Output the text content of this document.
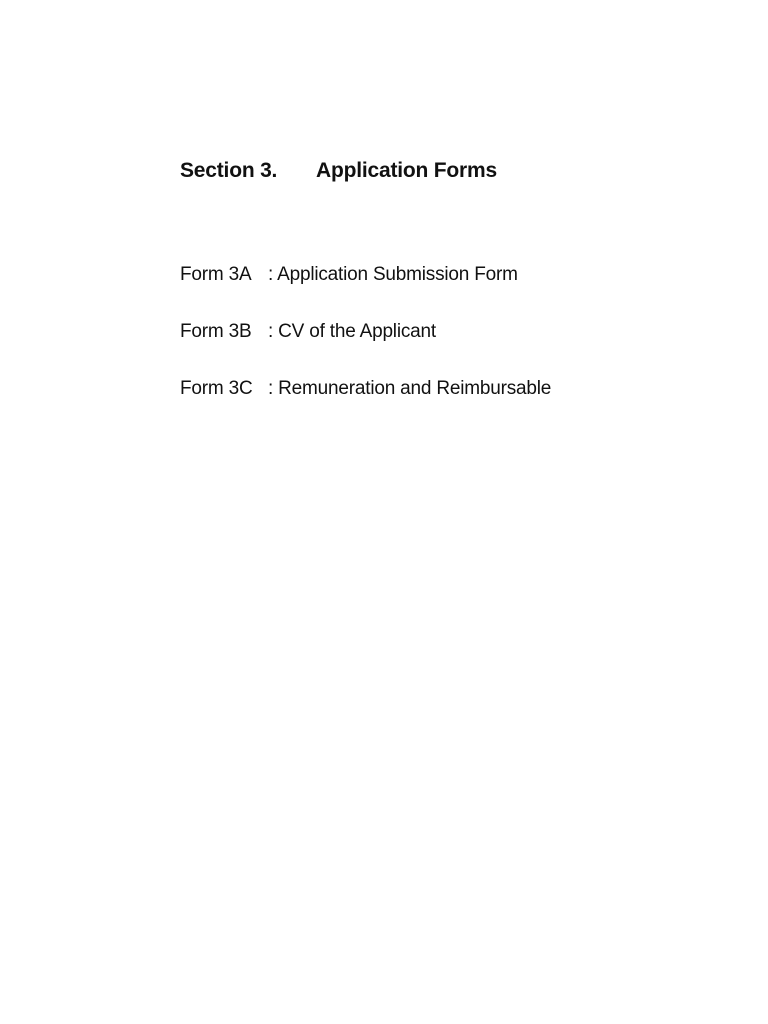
Section 3. Application Forms
Form 3A : Application Submission Form
Form 3B : CV of the Applicant
Form 3C : Remuneration and Reimbursable
